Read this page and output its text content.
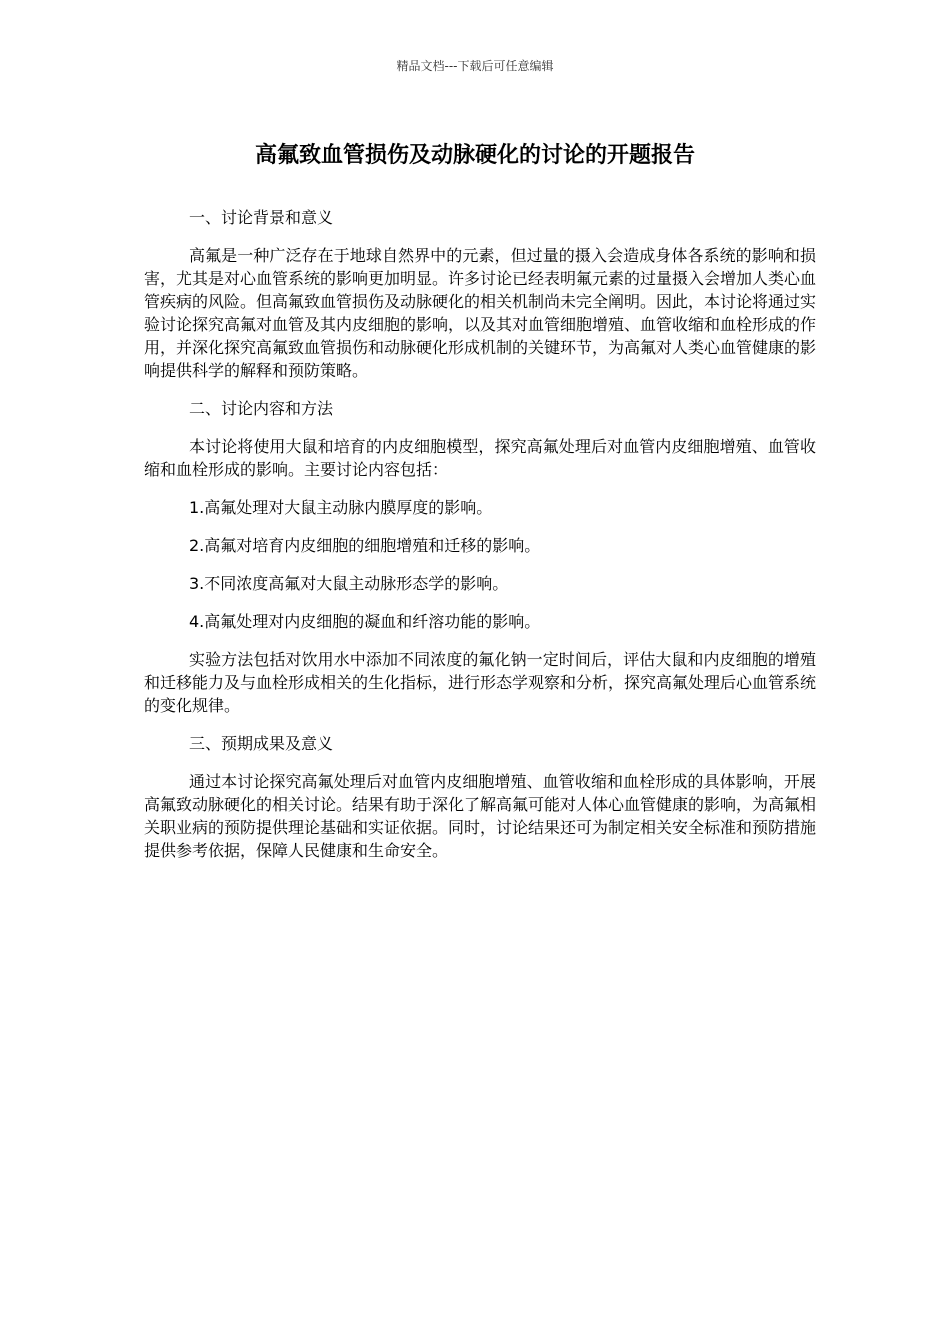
精品文档---下载后可任意编辑
高氟致血管损伤及动脉硬化的讨论的开题报告

一、讨论背景和意义

高氟是一种广泛存在于地球自然界中的元素，但过量的摄入会造成身体各系统的影响和损害，尤其是对心血管系统的影响更加明显。许多讨论已经表明氟元素的过量摄入会增加人类心血管疾病的风险。但高氟致血管损伤及动脉硬化的相关机制尚未完全阐明。因此，本讨论将通过实验讨论探究高氟对血管及其内皮细胞的影响，以及其对血管细胞增殖、血管收缩和血栓形成的作用，并深化探究高氟致血管损伤和动脉硬化形成机制的关键环节，为高氟对人类心血管健康的影响提供科学的解释和预防策略。

二、讨论内容和方法

本讨论将使用大鼠和培育的内皮细胞模型，探究高氟处理后对血管内皮细胞增殖、血管收缩和血栓形成的影响。主要讨论内容包括：

1.高氟处理对大鼠主动脉内膜厚度的影响。

2.高氟对培育内皮细胞的细胞增殖和迁移的影响。

3.不同浓度高氟对大鼠主动脉形态学的影响。

4.高氟处理对内皮细胞的凝血和纤溶功能的影响。

实验方法包括对饮用水中添加不同浓度的氟化钠一定时间后，评估大鼠和内皮细胞的增殖和迁移能力及与血栓形成相关的生化指标，进行形态学观察和分析，探究高氟处理后心血管系统的变化规律。

三、预期成果及意义

通过本讨论探究高氟处理后对血管内皮细胞增殖、血管收缩和血栓形成的具体影响，开展高氟致动脉硬化的相关讨论。结果有助于深化了解高氟可能对人体心血管健康的影响，为高氟相关职业病的预防提供理论基础和实证依据。同时，讨论结果还可为制定相关安全标准和预防措施提供参考依据，保障人民健康和生命安全。
